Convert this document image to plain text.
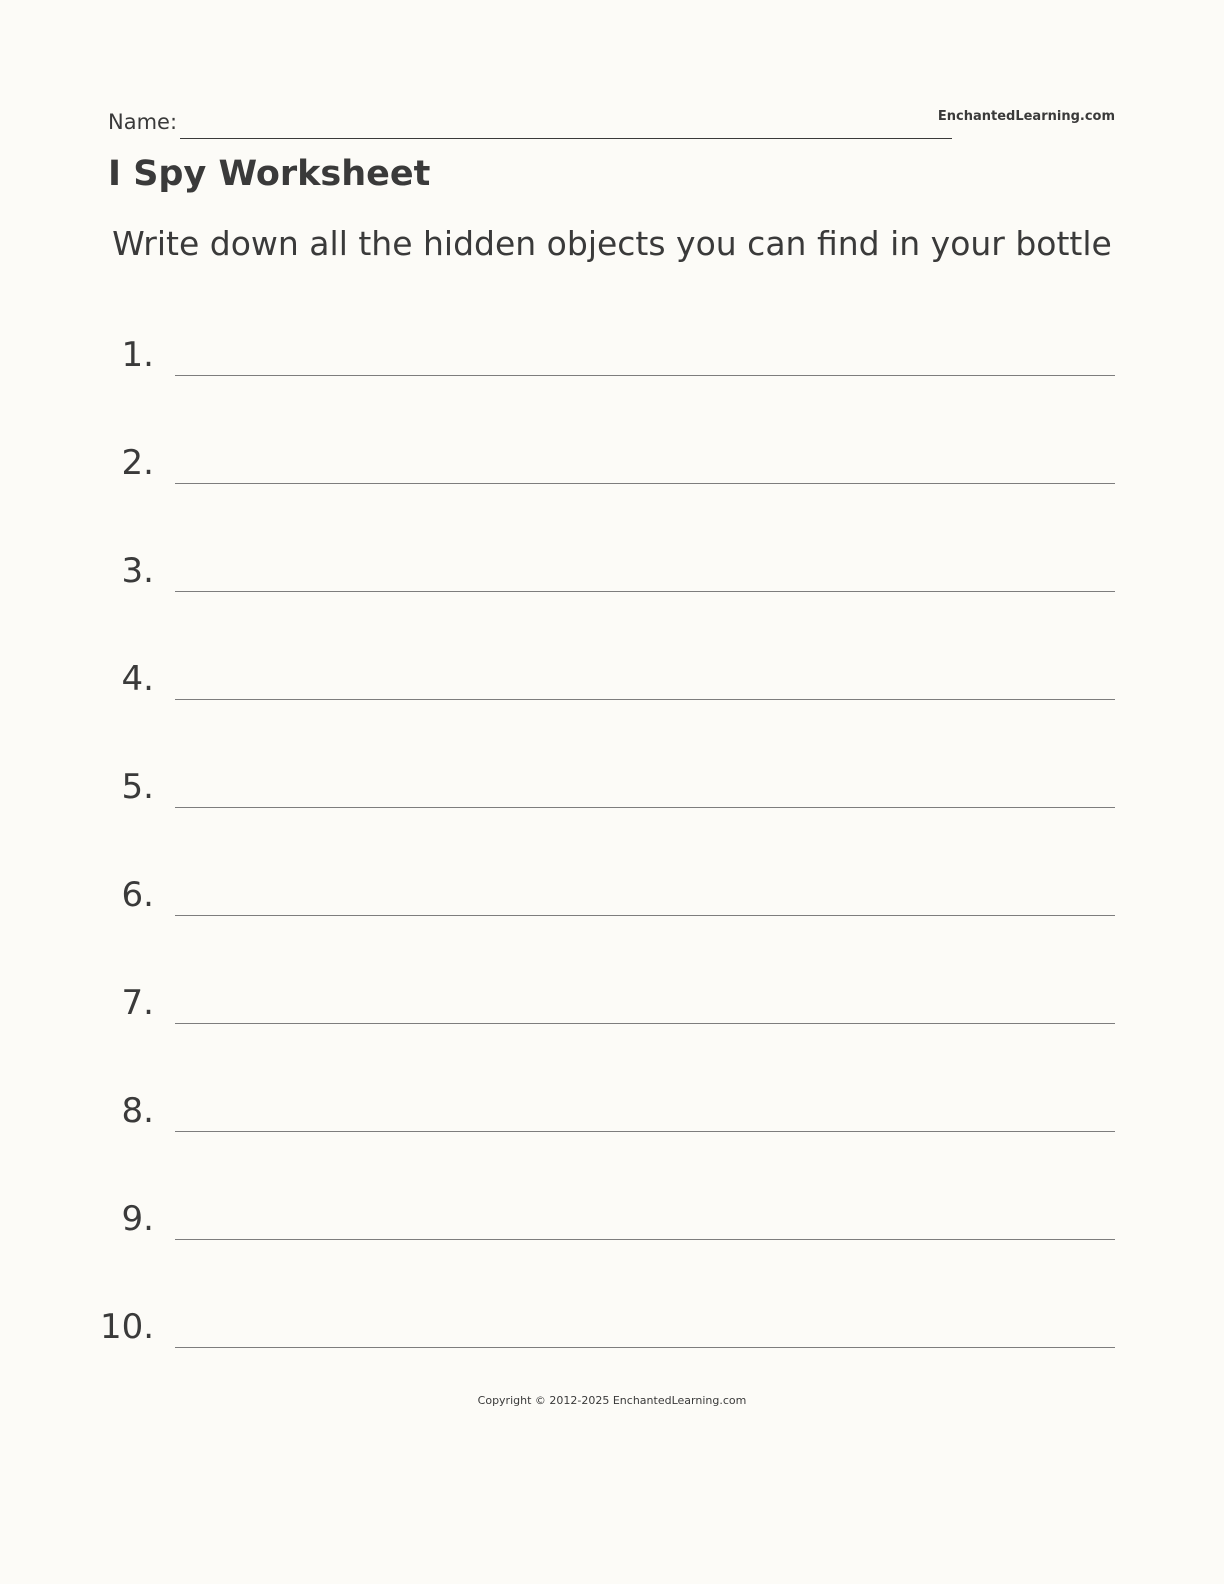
Name:	EnchantedLearning.com
I Spy Worksheet
Write down all the hidden objects you can find in your bottle
1.
2.
3.
4.
5.
6.
7.
8.
9.
10.
Copyright © 2012-2025 EnchantedLearning.com
